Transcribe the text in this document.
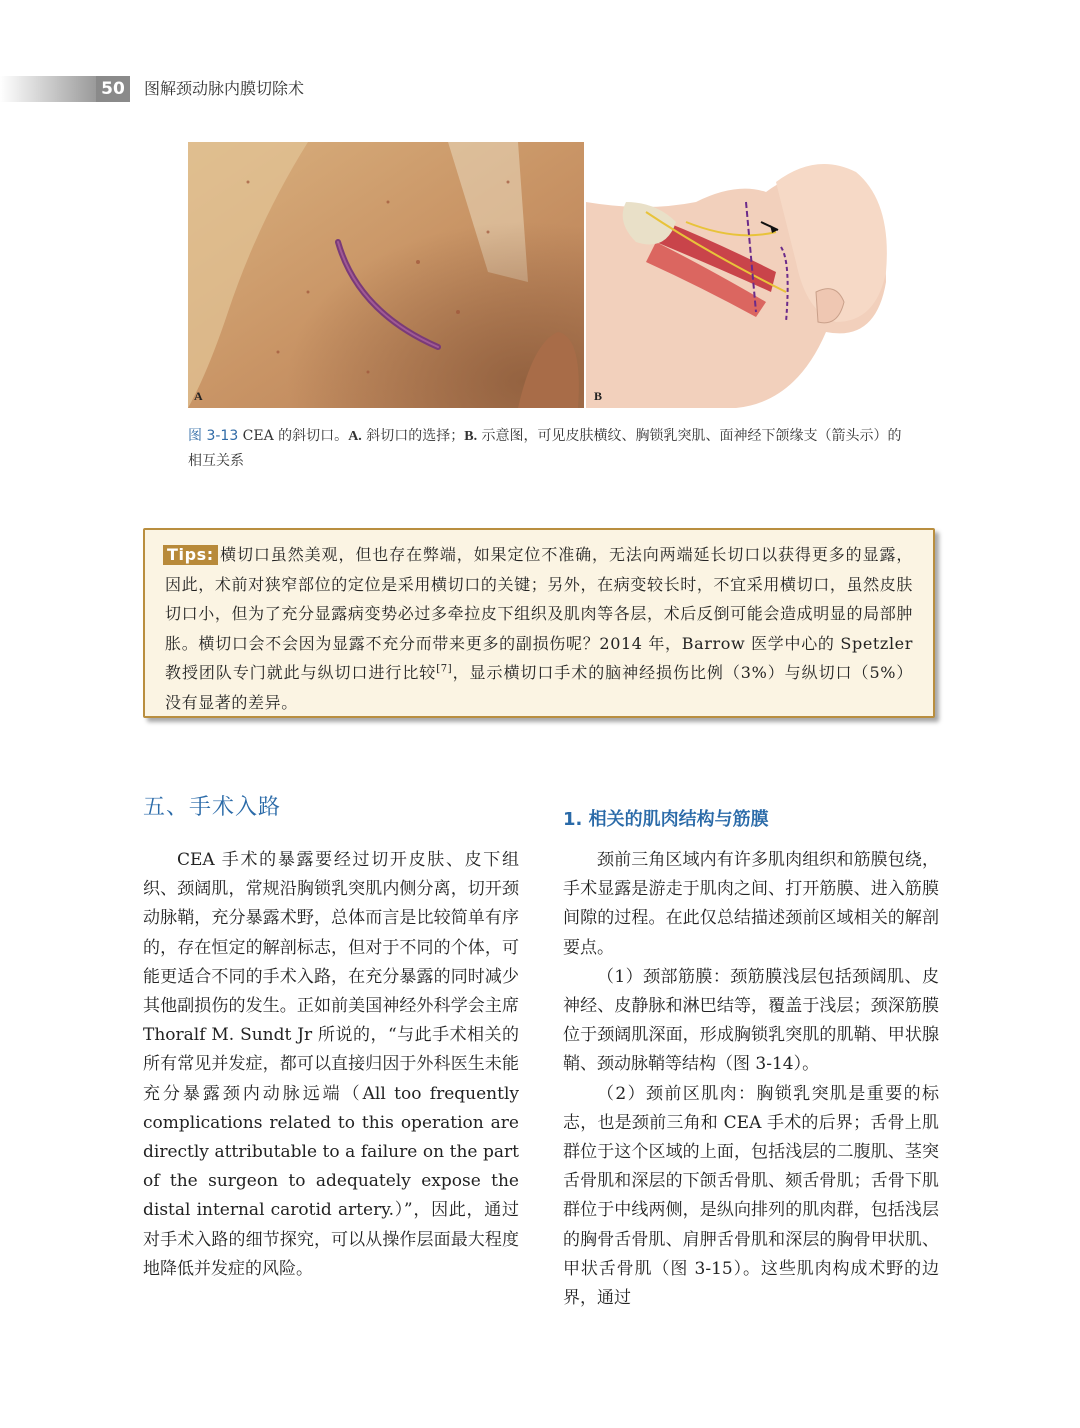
50	图解颈动脉内膜切除术
A	B
图 3-13 CEA 的斜切口。A. 斜切口的选择；B. 示意图，可见皮肤横纹、胸锁乳突肌、面神经下颌缘支（箭头示）的相互关系

Tips: 横切口虽然美观，但也存在弊端，如果定位不准确，无法向两端延长切口以获得更多的显露，因此，术前对狭窄部位的定位是采用横切口的关键；另外，在病变较长时，不宜采用横切口，虽然皮肤切口小，但为了充分显露病变势必过多牵拉皮下组织及肌肉等各层，术后反倒可能会造成明显的局部肿胀。横切口会不会因为显露不充分而带来更多的副损伤呢？2014 年，Barrow 医学中心的 Spetzler 教授团队专门就此与纵切口进行比较[7]，显示横切口手术的脑神经损伤比例（3%）与纵切口（5%）没有显著的差异。

五、手术入路	1. 相关的肌肉结构与筋膜

CEA 手术的暴露要经过切开皮肤、皮下组织、颈阔肌，常规沿胸锁乳突肌内侧分离，切开颈动脉鞘，充分暴露术野，总体而言是比较简单有序的，存在恒定的解剖标志，但对于不同的个体，可能更适合不同的手术入路，在充分暴露的同时减少其他副损伤的发生。正如前美国神经外科学会主席 Thoralf M. Sundt Jr 所说的，“与此手术相关的所有常见并发症，都可以直接归因于外科医生未能充分暴露颈内动脉远端（All too frequently complications related to this operation are directly attributable to a failure on the part of the surgeon to adequately expose the distal internal carotid artery.）”，因此，通过对手术入路的细节探究，可以从操作层面最大程度地降低并发症的风险。

颈前三角区域内有许多肌肉组织和筋膜包绕，手术显露是游走于肌肉之间、打开筋膜、进入筋膜间隙的过程。在此仅总结描述颈前区域相关的解剖要点。

（1）颈部筋膜：颈筋膜浅层包括颈阔肌、皮神经、皮静脉和淋巴结等，覆盖于浅层；颈深筋膜位于颈阔肌深面，形成胸锁乳突肌的肌鞘、甲状腺鞘、颈动脉鞘等结构（图 3-14）。

（2）颈前区肌肉：胸锁乳突肌是重要的标志，也是颈前三角和 CEA 手术的后界；舌骨上肌群位于这个区域的上面，包括浅层的二腹肌、茎突舌骨肌和深层的下颌舌骨肌、颏舌骨肌；舌骨下肌群位于中线两侧，是纵向排列的肌肉群，包括浅层的胸骨舌骨肌、肩胛舌骨肌和深层的胸骨甲状肌、甲状舌骨肌（图 3-15）。这些肌肉构成术野的边界，通过
